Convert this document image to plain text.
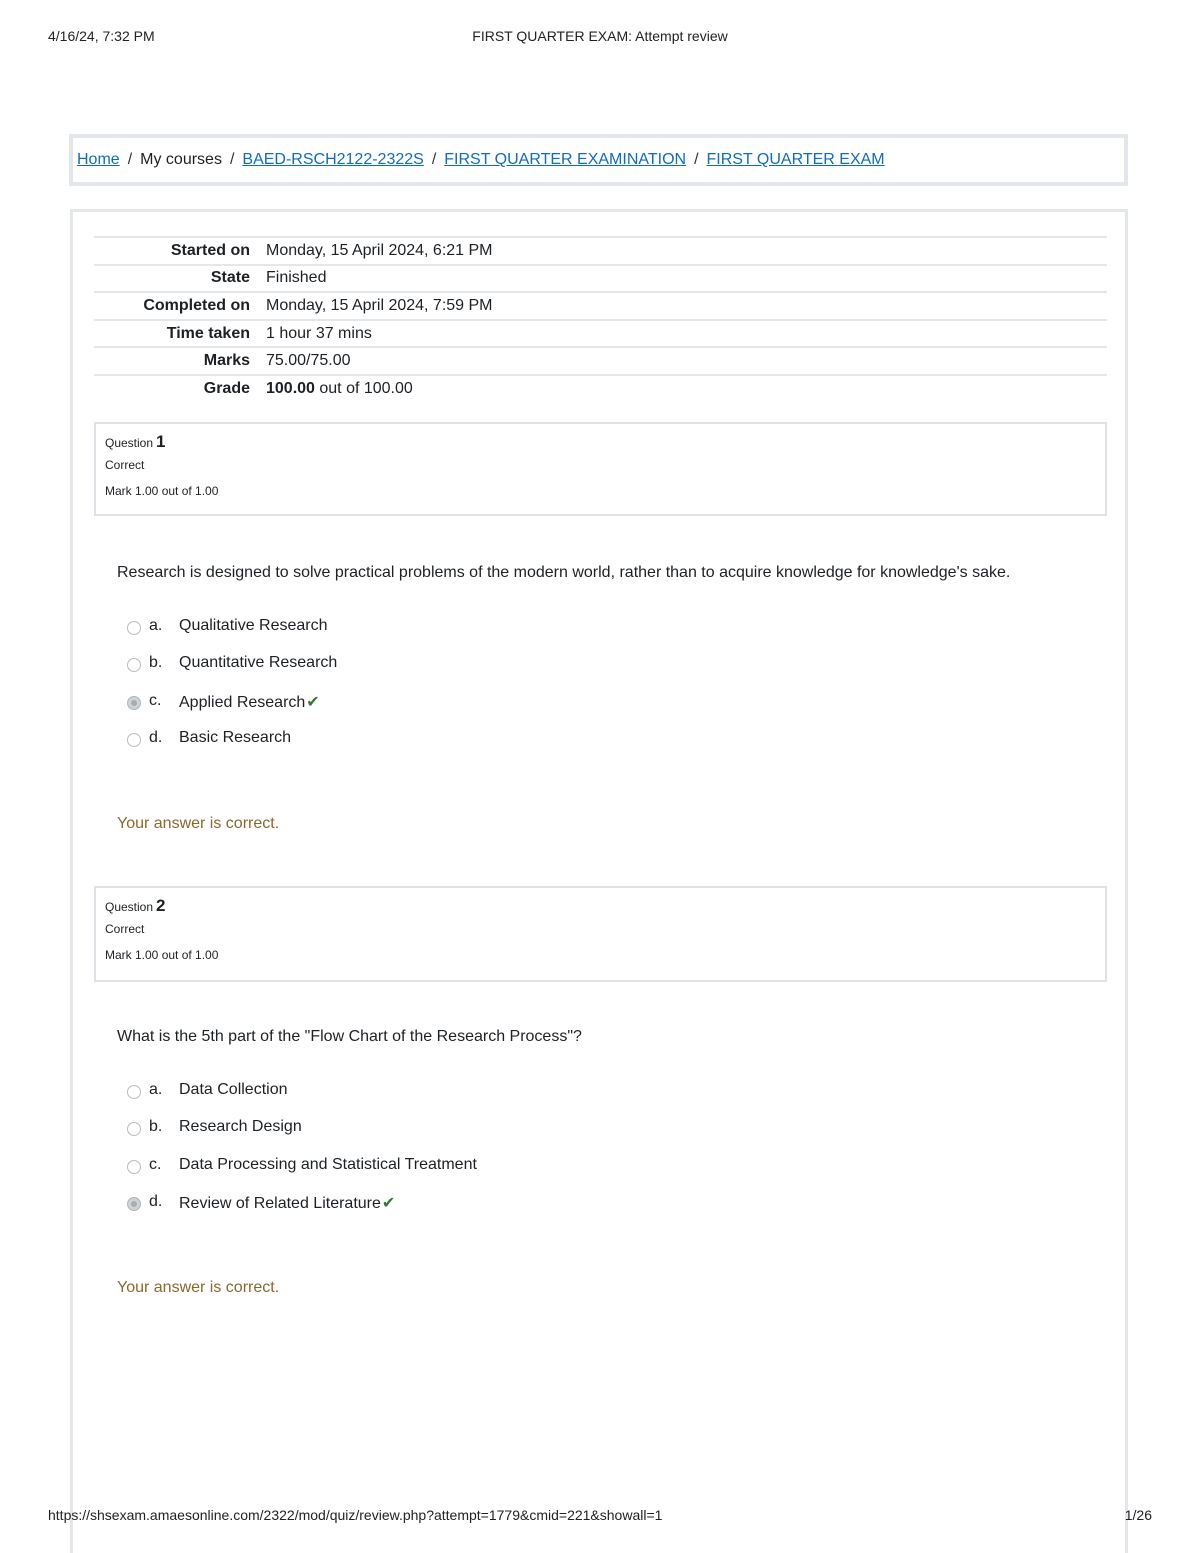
4/16/24, 7:32 PM	FIRST QUARTER EXAM: Attempt review
Home / My courses / BAED-RSCH2122-2322S / FIRST QUARTER EXAMINATION / FIRST QUARTER EXAM
Started on	Monday, 15 April 2024, 6:21 PM
State	Finished
Completed on	Monday, 15 April 2024, 7:59 PM
Time taken	1 hour 37 mins
Marks	75.00/75.00
Grade	100.00 out of 100.00
Question 1
Correct
Mark 1.00 out of 1.00
Research is designed to solve practical problems of the modern world, rather than to acquire knowledge for knowledge's sake.
a. Qualitative Research
b. Quantitative Research
c. Applied Research✔
d. Basic Research
Your answer is correct.
Question 2
Correct
Mark 1.00 out of 1.00
What is the 5th part of the "Flow Chart of the Research Process"?
a. Data Collection
b. Research Design
c. Data Processing and Statistical Treatment
d. Review of Related Literature✔
Your answer is correct.
https://shsexam.amaesonline.com/2322/mod/quiz/review.php?attempt=1779&cmid=221&showall=1	1/26
